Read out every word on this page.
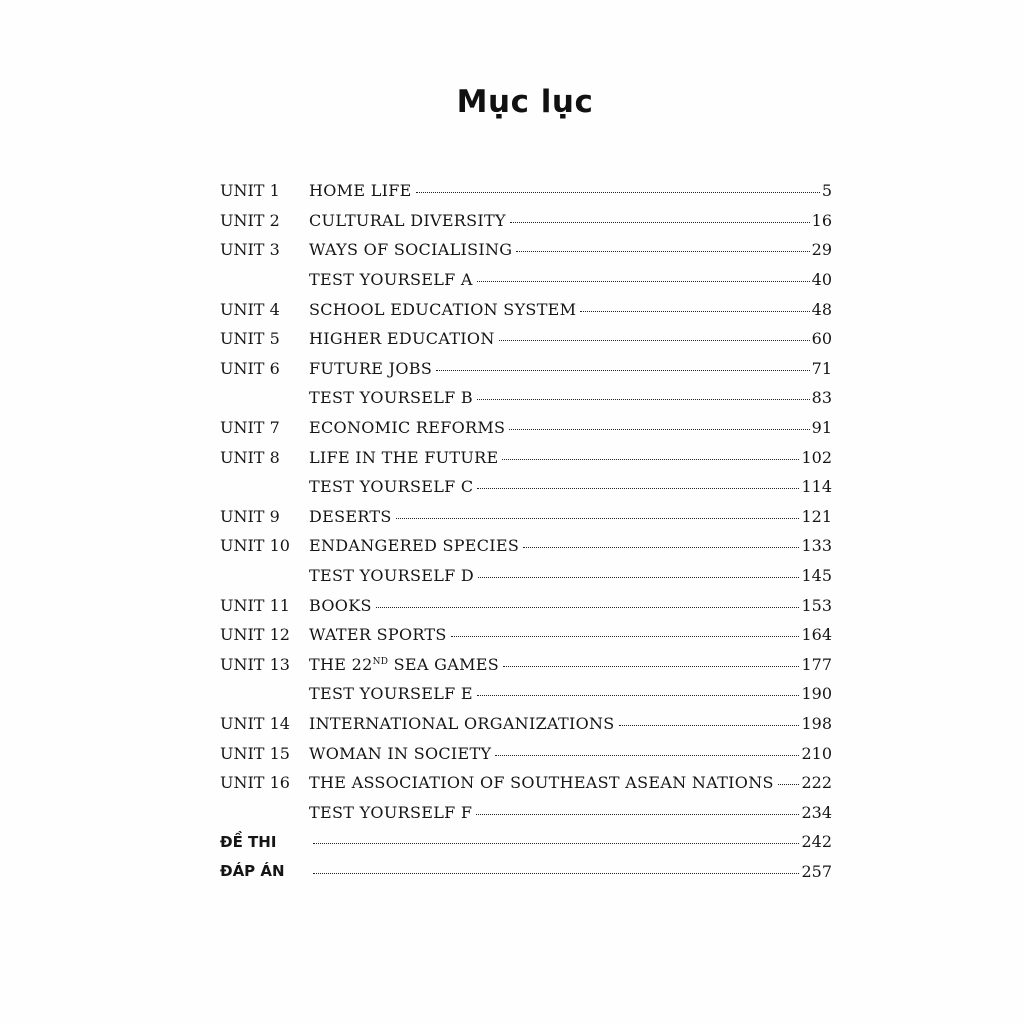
Mục lục
UNIT 1	HOME LIFE	5
UNIT 2	CULTURAL DIVERSITY	16
UNIT 3	WAYS OF SOCIALISING	29
TEST YOURSELF A	40
UNIT 4	SCHOOL EDUCATION SYSTEM	48
UNIT 5	HIGHER EDUCATION	60
UNIT 6	FUTURE JOBS	71
TEST YOURSELF B	83
UNIT 7	ECONOMIC REFORMS	91
UNIT 8	LIFE IN THE FUTURE	102
TEST YOURSELF C	114
UNIT 9	DESERTS	121
UNIT 10	ENDANGERED SPECIES	133
TEST YOURSELF D	145
UNIT 11	BOOKS	153
UNIT 12	WATER SPORTS	164
UNIT 13	THE 22ND SEA GAMES	177
TEST YOURSELF E	190
UNIT 14	INTERNATIONAL ORGANIZATIONS	198
UNIT 15	WOMAN IN SOCIETY	210
UNIT 16	THE ASSOCIATION OF SOUTHEAST ASEAN NATIONS 222
TEST YOURSELF F	234
ĐỀ THI	242
ĐÁP ÁN	257
